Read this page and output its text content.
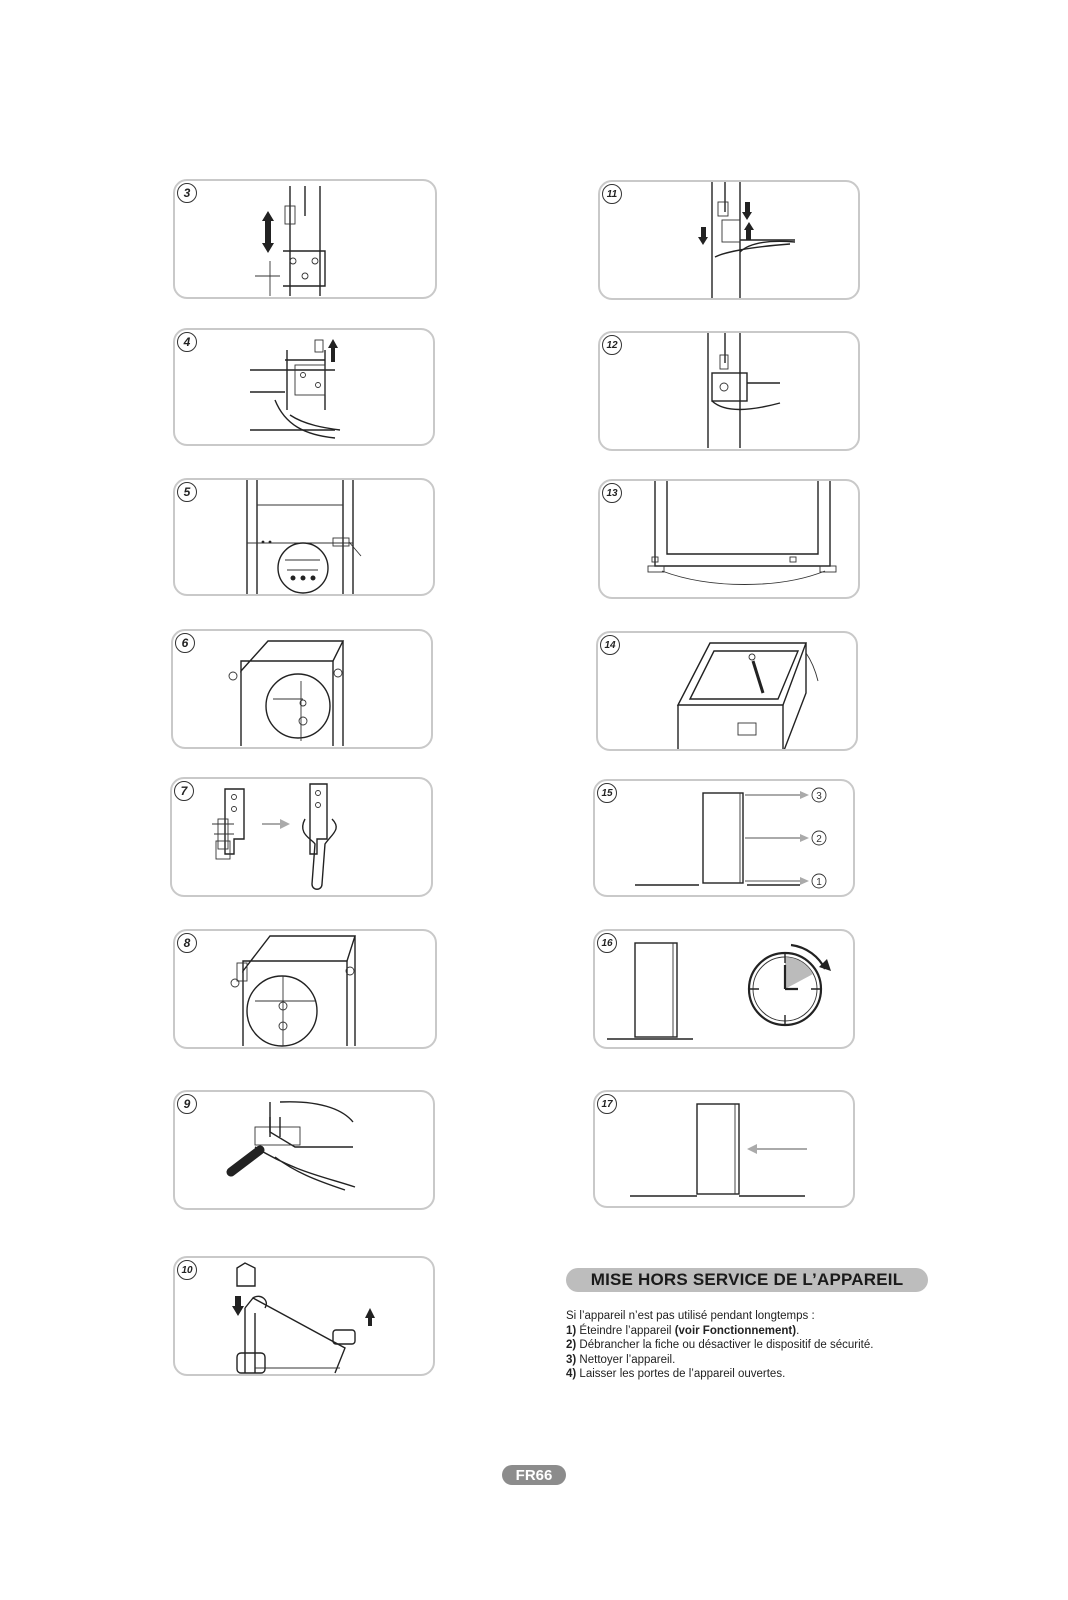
3
4
5
6
7
8
9
10
11
12
13
14
15	3
2
1
16
17
MISE HORS SERVICE DE L’APPAREIL

Si l’appareil n’est pas utilisé pendant longtemps :

1) Éteindre l’appareil (voir Fonctionnement).

2) Débrancher la fiche ou désactiver le dispositif de sécurité.

3) Nettoyer l’appareil.

4) Laisser les portes de l’appareil ouvertes.

FR66
